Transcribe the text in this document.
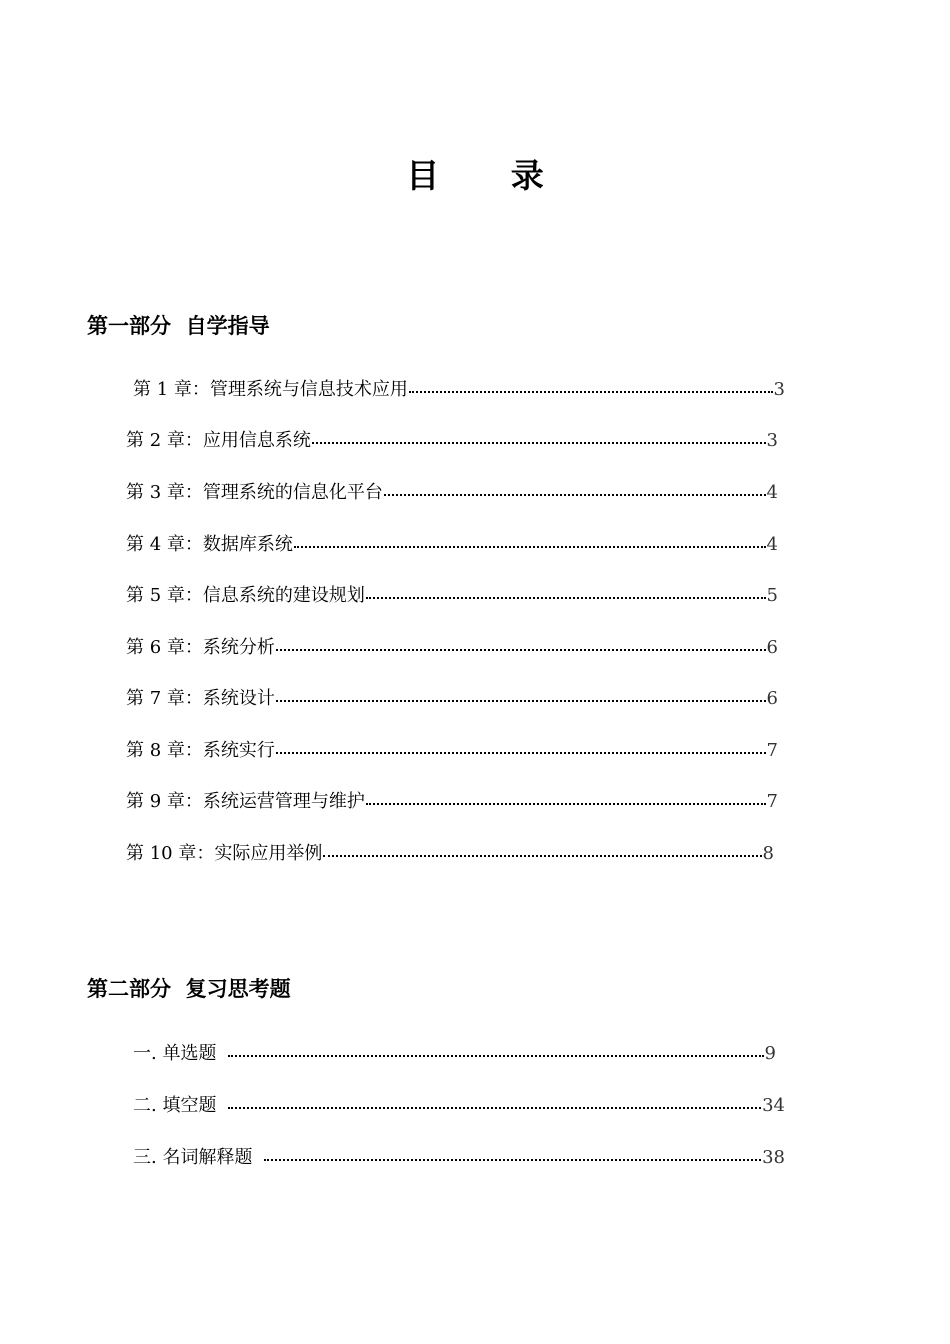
目 录
第一部分  自学指导
第 1 章：管理系统与信息技术应用	3
第 2 章：应用信息系统	3
第 3 章：管理系统的信息化平台	4
第 4 章：数据库系统	4
第 5 章：信息系统的建设规划	5
第 6 章：系统分析	6
第 7 章：系统设计	6
第 8 章：系统实行	7
第 9 章：系统运营管理与维护	7
第 10 章：实际应用举例	8
第二部分  复习思考题
一. 单选题	9
二. 填空题	34
三. 名词解释题	38
